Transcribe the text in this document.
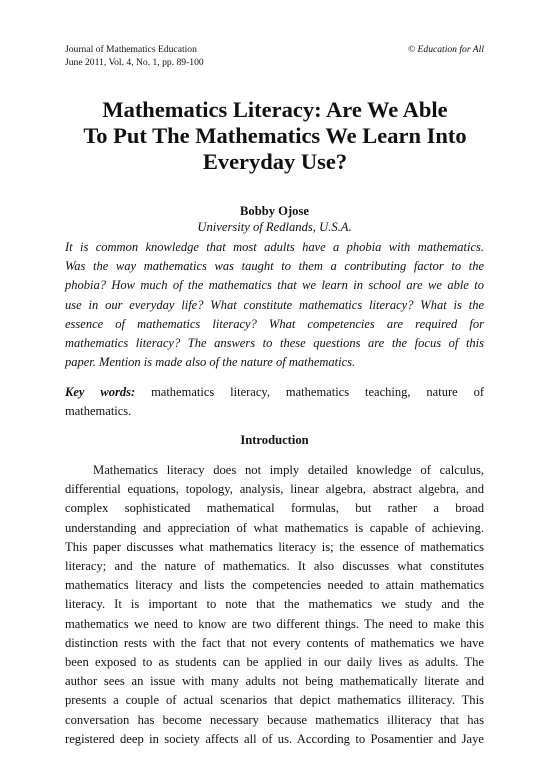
Journal of Mathematics Education
June 2011, Vol. 4, No. 1, pp. 89-100
© Education for All
Mathematics Literacy: Are We Able
To Put The Mathematics We Learn Into
Everyday Use?
Bobby Ojose
University of Redlands, U.S.A.
It is common knowledge that most adults have a phobia with mathematics.
Was the way mathematics was taught to them a contributing factor to the
phobia? How much of the mathematics that we learn in school are we able to
use in our everyday life? What constitute mathematics literacy? What is the
essence of mathematics literacy? What competencies are required for
mathematics literacy? The answers to these questions are the focus of this
paper. Mention is made also of the nature of mathematics.
Key words: mathematics literacy, mathematics teaching, nature of
mathematics.
Introduction
Mathematics literacy does not imply detailed knowledge of calculus,
differential equations, topology, analysis, linear algebra, abstract algebra, and
complex sophisticated mathematical formulas, but rather a broad
understanding and appreciation of what mathematics is capable of achieving.
This paper discusses what mathematics literacy is; the essence of mathematics
literacy; and the nature of mathematics. It also discusses what constitutes
mathematics literacy and lists the competencies needed to attain mathematics
literacy. It is important to note that the mathematics we study and the
mathematics we need to know are two different things. The need to make this
distinction rests with the fact that not every contents of mathematics we have
been exposed to as students can be applied in our daily lives as adults. The
author sees an issue with many adults not being mathematically literate and
presents a couple of actual scenarios that depict mathematics illiteracy. This
conversation has become necessary because mathematics illiteracy that has
registered deep in society affects all of us. According to Posamentier and Jaye
